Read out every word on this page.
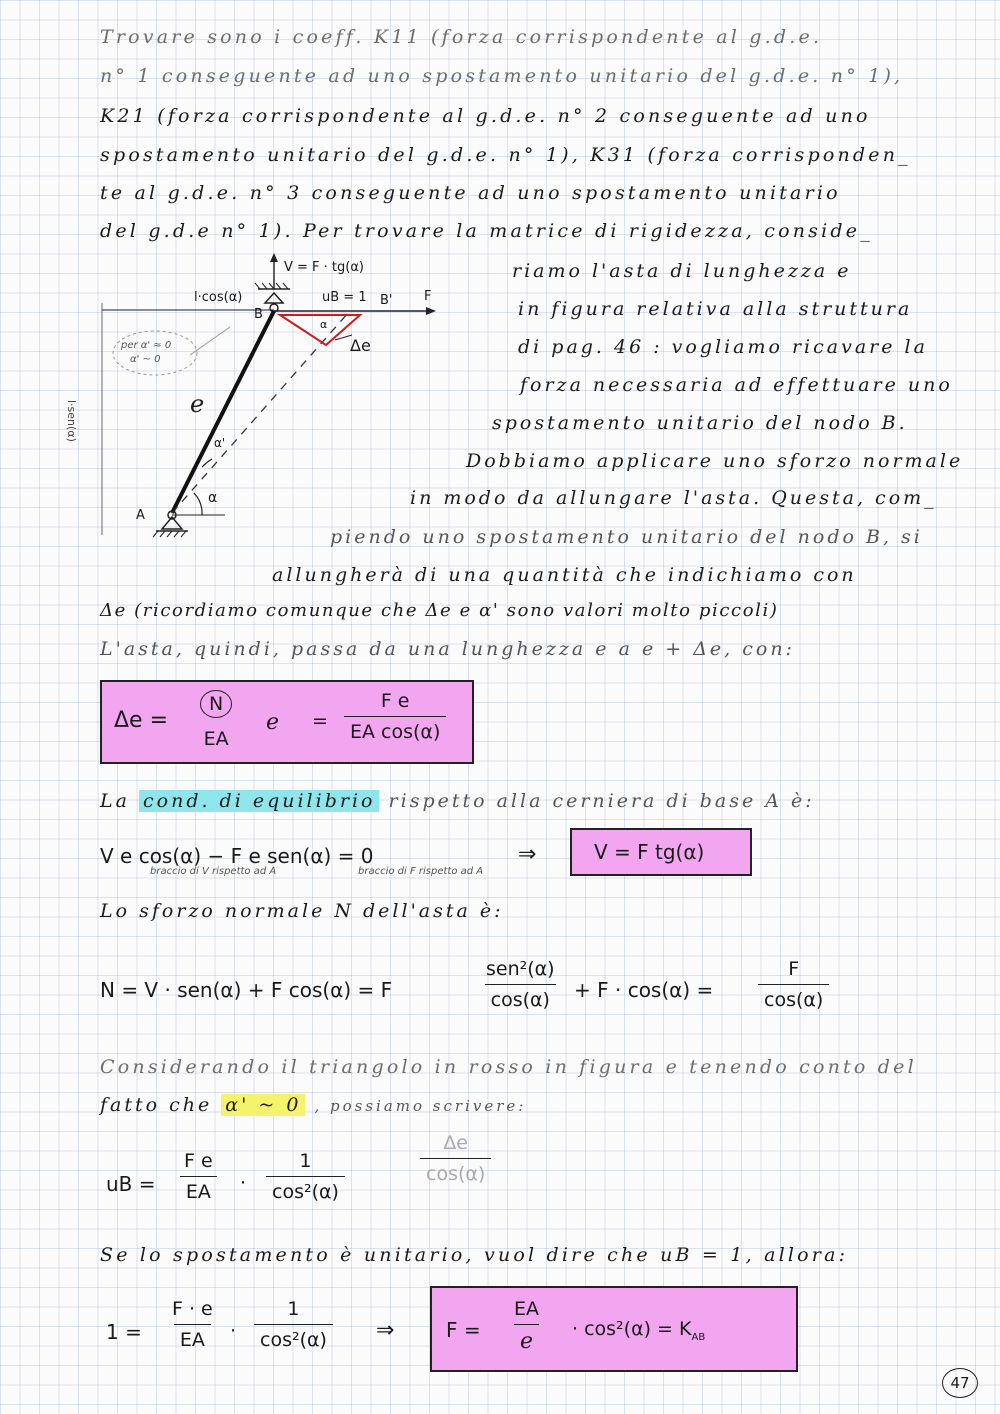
Trovare sono i coeff. K11 (forza corrispondente al g.d.e.
n° 1 conseguente ad uno spostamento unitario del g.d.e. n° 1),
K21 (forza corrispondente al g.d.e. n° 2 conseguente ad uno
spostamento unitario del g.d.e. n° 1), K31 (forza corrisponden_
te al g.d.e. n° 3 conseguente ad uno spostamento unitario
del g.d.e n° 1). Per trovare la matrice di rigidezza, conside_
riamo l'asta di lunghezza e
in figura relativa alla struttura
di pag. 46 : vogliamo ricavare la
forza necessaria ad effettuare uno
spostamento unitario del nodo B.
V = F · tg(α)
l·cos(α)	uB = 1
B
B' F
Δe
α
per α' ≈ 0
α' ~ 0
l·sen(α)	e
α'
α
A
Dobbiamo applicare uno sforzo normale
in modo da allungare l'asta. Questa, com_
piendo uno spostamento unitario del nodo B, si
allungherà di una quantità che indichiamo con
Δe (ricordiamo comunque che Δe e α' sono valori molto piccoli)
L'asta, quindi, passa da una lunghezza e a e + Δe, con:
Δe =
N
EA
$e = \frac{\text{F e}}{\text{EA cos(α)}}$
La cond. di equilibrio rispetto alla cerniera di base A è:
V e cos(α) − F e sen(α) = 0	⇒	V = F tg(α)
braccio di V rispetto ad A	braccio di F rispetto ad A
Lo sforzo normale N dell'asta è:
N = V · sen(α) + F cos(α) = F	$\frac{\text{sen²(α)}}{\cos(\alpha)} + F \cdot \cos(\alpha) = \frac{F}{\cos(\alpha)}$
Considerando il triangolo in rosso in figura e tenendo conto del
fatto che α' ~ 0 , possiamo scrivere:
uB = $\frac{\text{F e}}{EA} \cdot \frac{1}{\text{cos²(α)}}$	$\frac{\Delta e}{\cos(\alpha)}$
Se lo spostamento è unitario, vuol dire che uB = 1, allora:
$1 = \frac{F \cdot e}{EA} \cdot \frac{1}{\text{cos²(α)}}$ ⇒	$F = \frac{EA}{e} \cdot \cos^2(\alpha) = K_{AB}$
47
